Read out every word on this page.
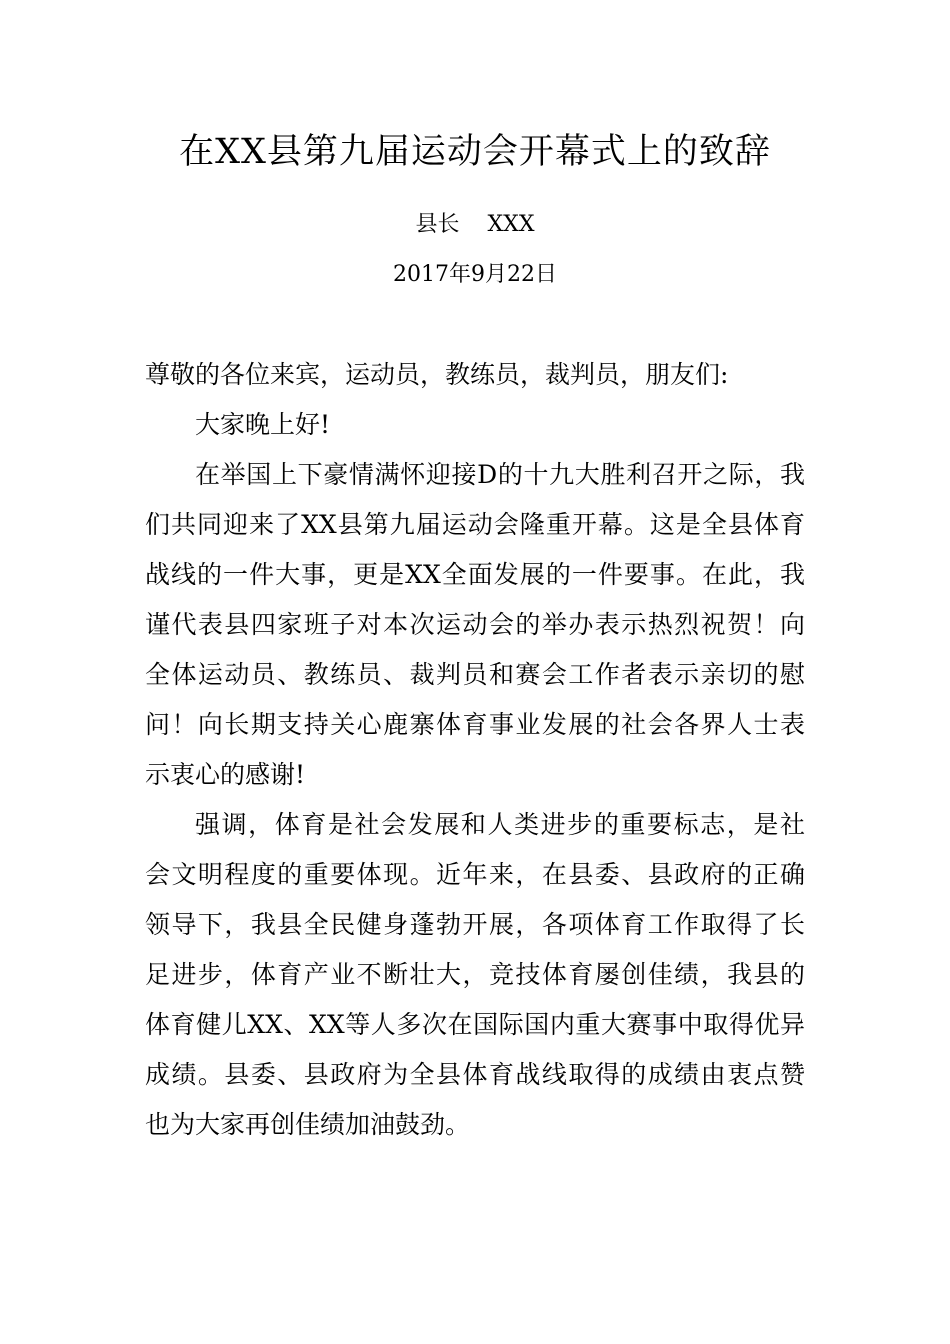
在XX县第九届运动会开幕式上的致辞
县长    XXX
2017年9月22日
尊敬的各位来宾，运动员，教练员，裁判员，朋友们:
大家晚上好!
在举国上下豪情满怀迎接D的十九大胜利召开之际，我
们共同迎来了XX县第九届运动会隆重开幕。这是全县体育
战线的一件大事，更是XX全面发展的一件要事。在此，我
谨代表县四家班子对本次运动会的举办表示热烈祝贺！向
全体运动员、教练员、裁判员和赛会工作者表示亲切的慰
问！向长期支持关心鹿寨体育事业发展的社会各界人士表
示衷心的感谢!
强调，体育是社会发展和人类进步的重要标志，是社
会文明程度的重要体现。近年来，在县委、县政府的正确
领导下，我县全民健身蓬勃开展，各项体育工作取得了长
足进步，体育产业不断壮大，竞技体育屡创佳绩，我县的
体育健儿XX、XX等人多次在国际国内重大赛事中取得优异
成绩。县委、县政府为全县体育战线取得的成绩由衷点赞
也为大家再创佳绩加油鼓劲。
